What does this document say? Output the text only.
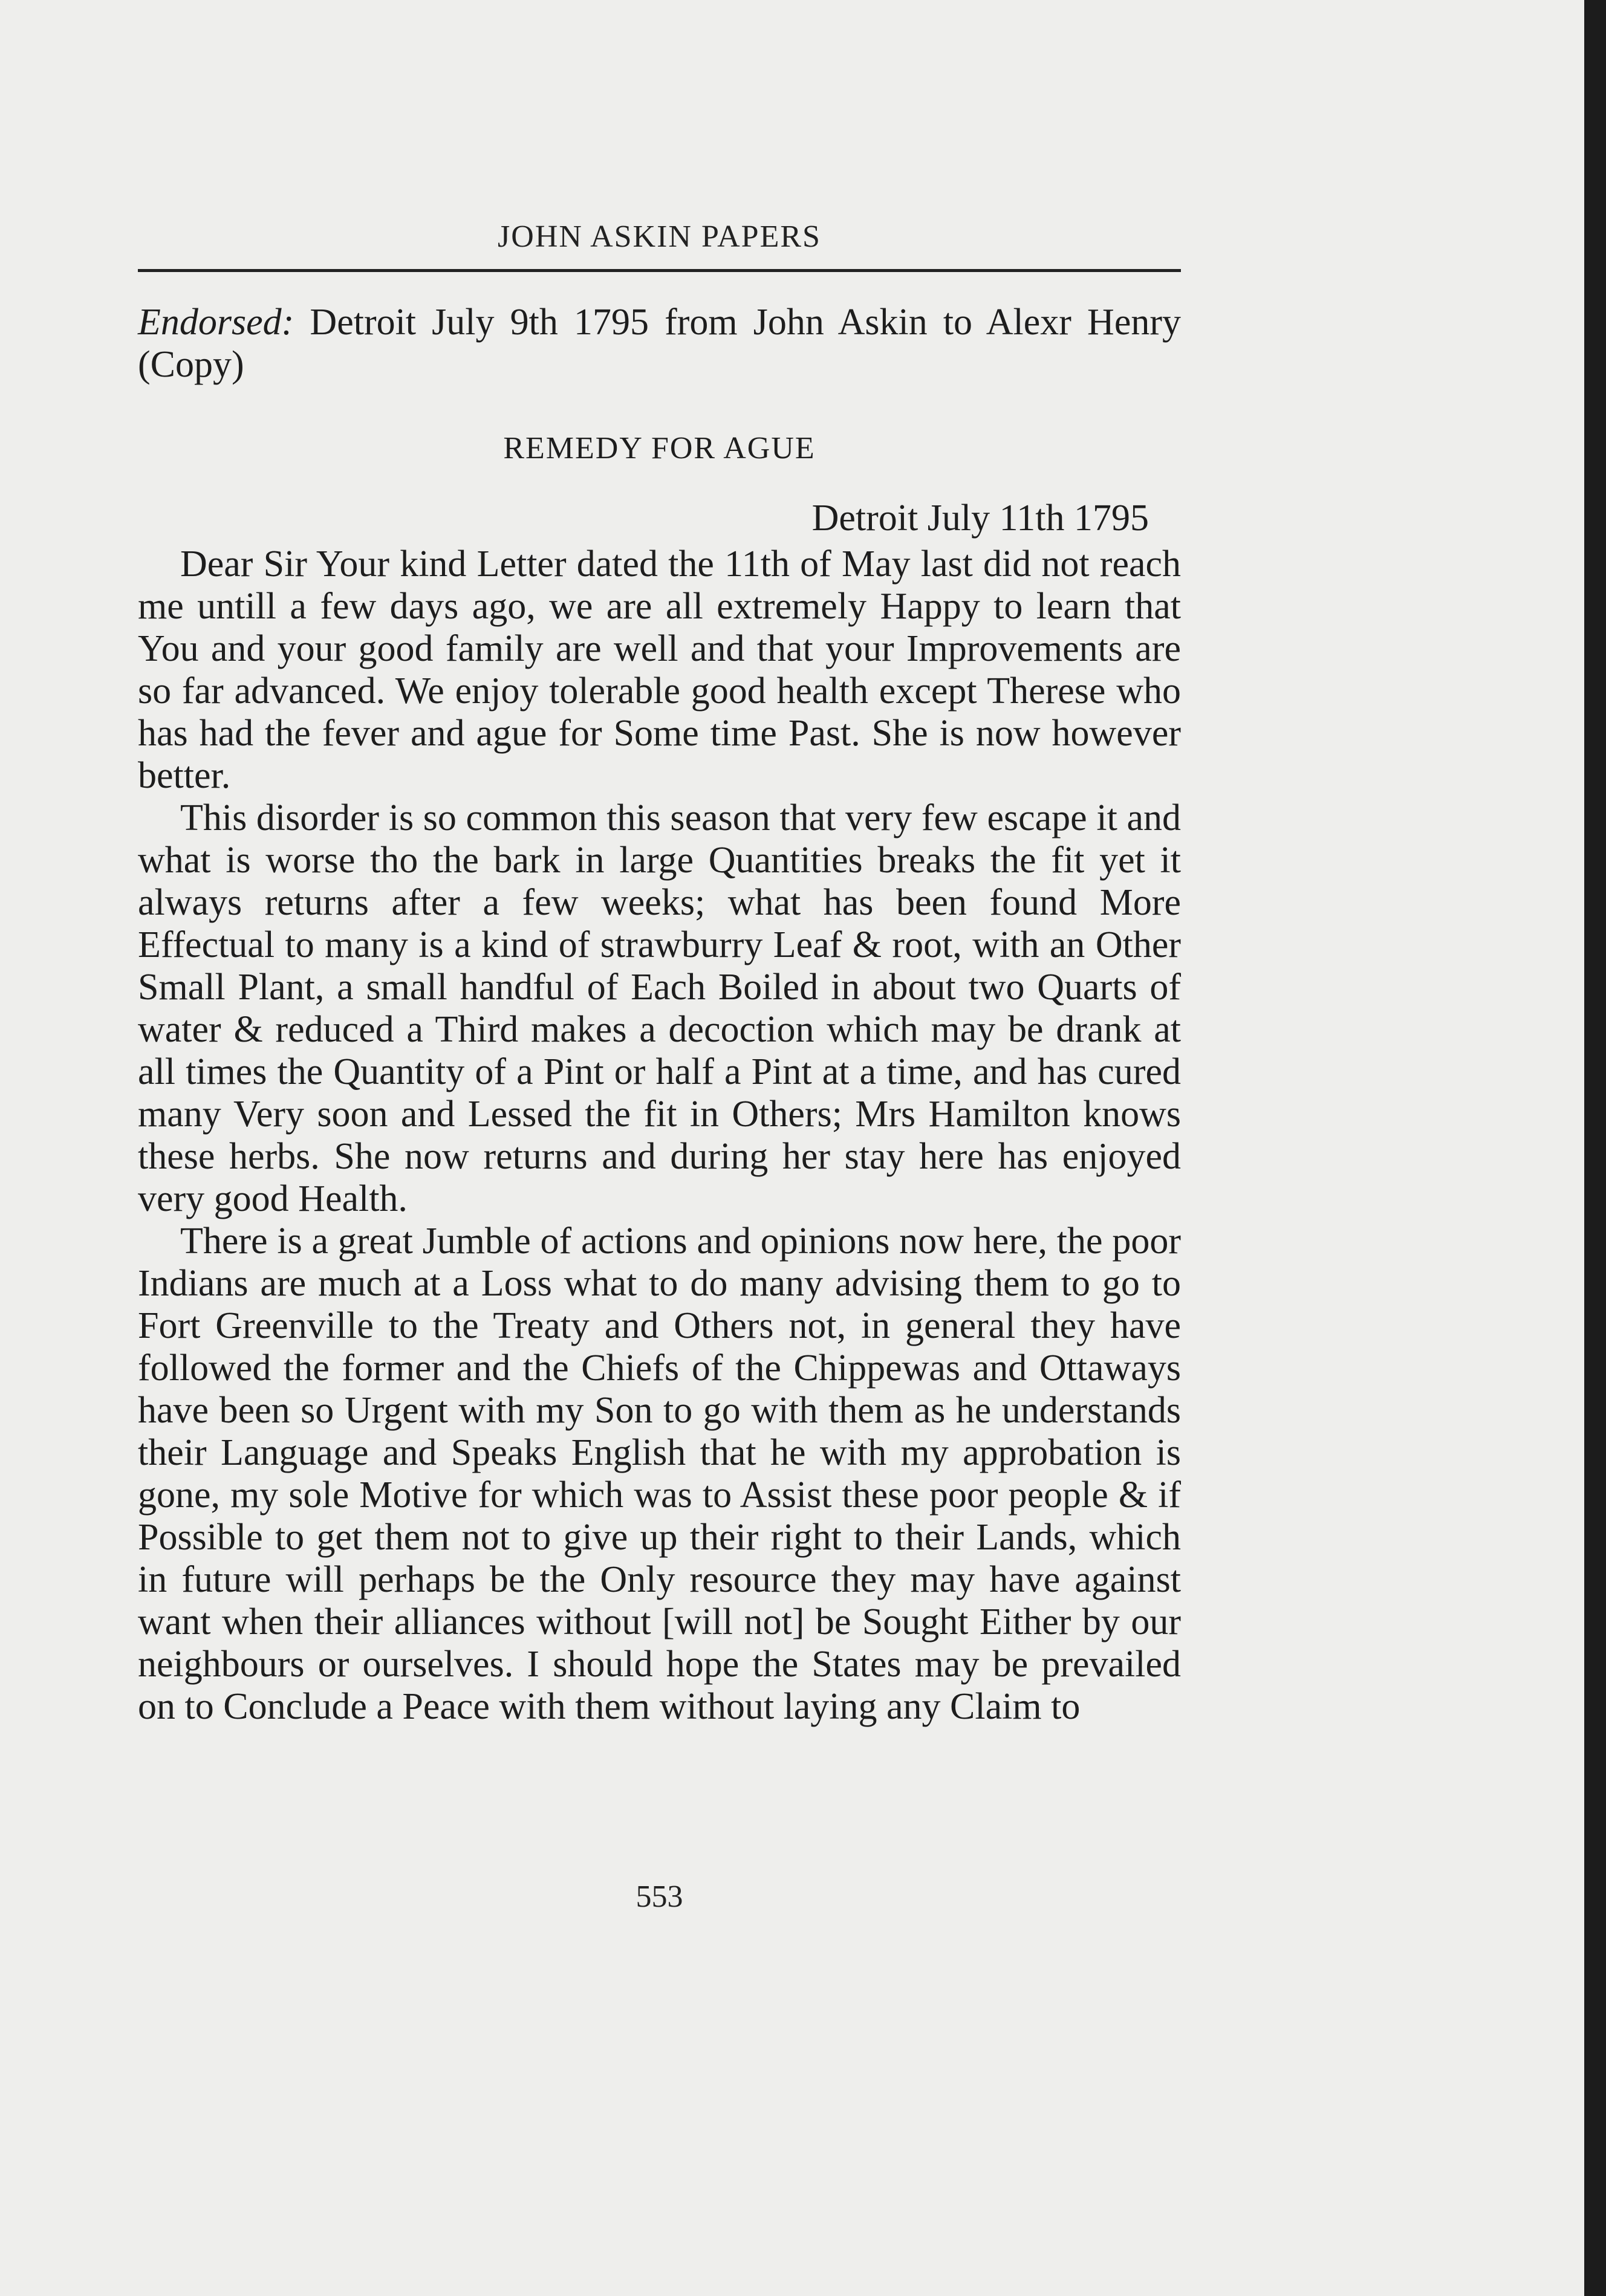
JOHN ASKIN PAPERS
Endorsed: Detroit July 9th 1795 from John Askin to Alexr Henry (Copy)
REMEDY FOR AGUE
Detroit July 11th 1795

Dear Sir Your kind Letter dated the 11th of May last did not reach me untill a few days ago, we are all extremely Happy to learn that You and your good family are well and that your Improvements are so far advanced. We enjoy tolerable good health except Therese who has had the fever and ague for Some time Past. She is now however better.

This disorder is so common this season that very few escape it and what is worse tho the bark in large Quantities breaks the fit yet it always returns after a few weeks; what has been found More Effectual to many is a kind of strawburry Leaf & root, with an Other Small Plant, a small handful of Each Boiled in about two Quarts of water & reduced a Third makes a decoction which may be drank at all times the Quantity of a Pint or half a Pint at a time, and has cured many Very soon and Lessed the fit in Others; Mrs Hamilton knows these herbs. She now returns and during her stay here has enjoyed very good Health.

There is a great Jumble of actions and opinions now here, the poor Indians are much at a Loss what to do many advising them to go to Fort Greenville to the Treaty and Others not, in general they have followed the former and the Chiefs of the Chippewas and Ottaways have been so Urgent with my Son to go with them as he understands their Language and Speaks English that he with my approbation is gone, my sole Motive for which was to Assist these poor people & if Possible to get them not to give up their right to their Lands, which in future will perhaps be the Only resource they may have against want when their alliances without [will not] be Sought Either by our neighbours or ourselves. I should hope the States may be prevailed on to Conclude a Peace with them without laying any Claim to

553
